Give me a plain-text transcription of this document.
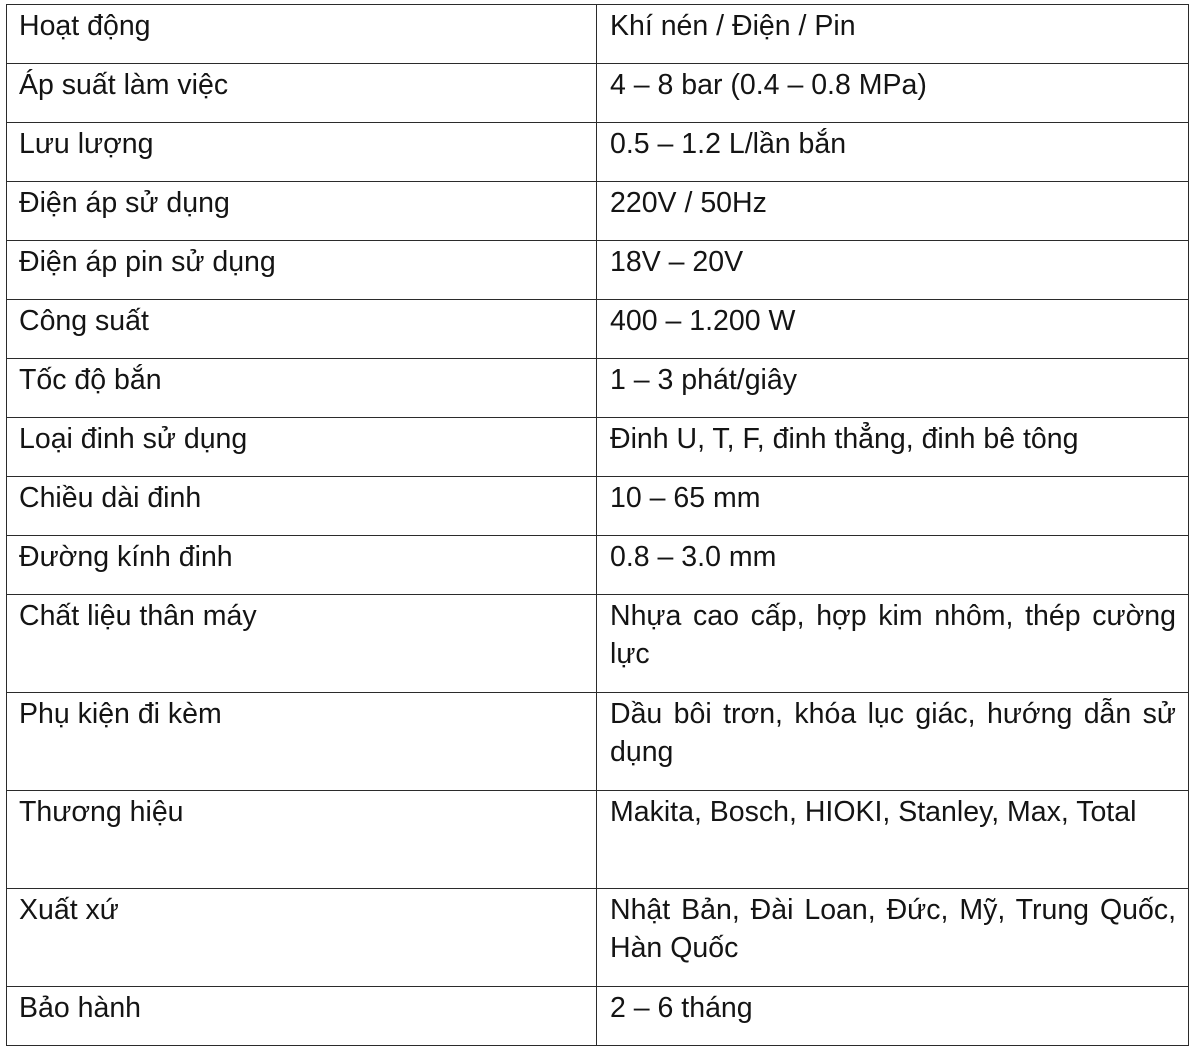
Hoạt động	Khí nén / Điện / Pin
Áp suất làm việc	4 – 8 bar (0.4 – 0.8 MPa)
Lưu lượng	0.5 – 1.2 L/lần bắn
Điện áp sử dụng	220V / 50Hz
Điện áp pin sử dụng	18V – 20V
Công suất	400 – 1.200 W
Tốc độ bắn	1 – 3 phát/giây
Loại đinh sử dụng	Đinh U, T, F, đinh thẳng, đinh bê tông
Chiều dài đinh	10 – 65 mm
Đường kính đinh	0.8 – 3.0 mm
Chất liệu thân máy	Nhựa cao cấp, hợp kim nhôm, thép cường lực
Phụ kiện đi kèm	Dầu bôi trơn, khóa lục giác, hướng dẫn sử dụng
Thương hiệu	Makita, Bosch, HIOKI, Stanley, Max, Total
Xuất xứ	Nhật Bản, Đài Loan, Đức, Mỹ, Trung Quốc, Hàn Quốc
Bảo hành	2 – 6 tháng
